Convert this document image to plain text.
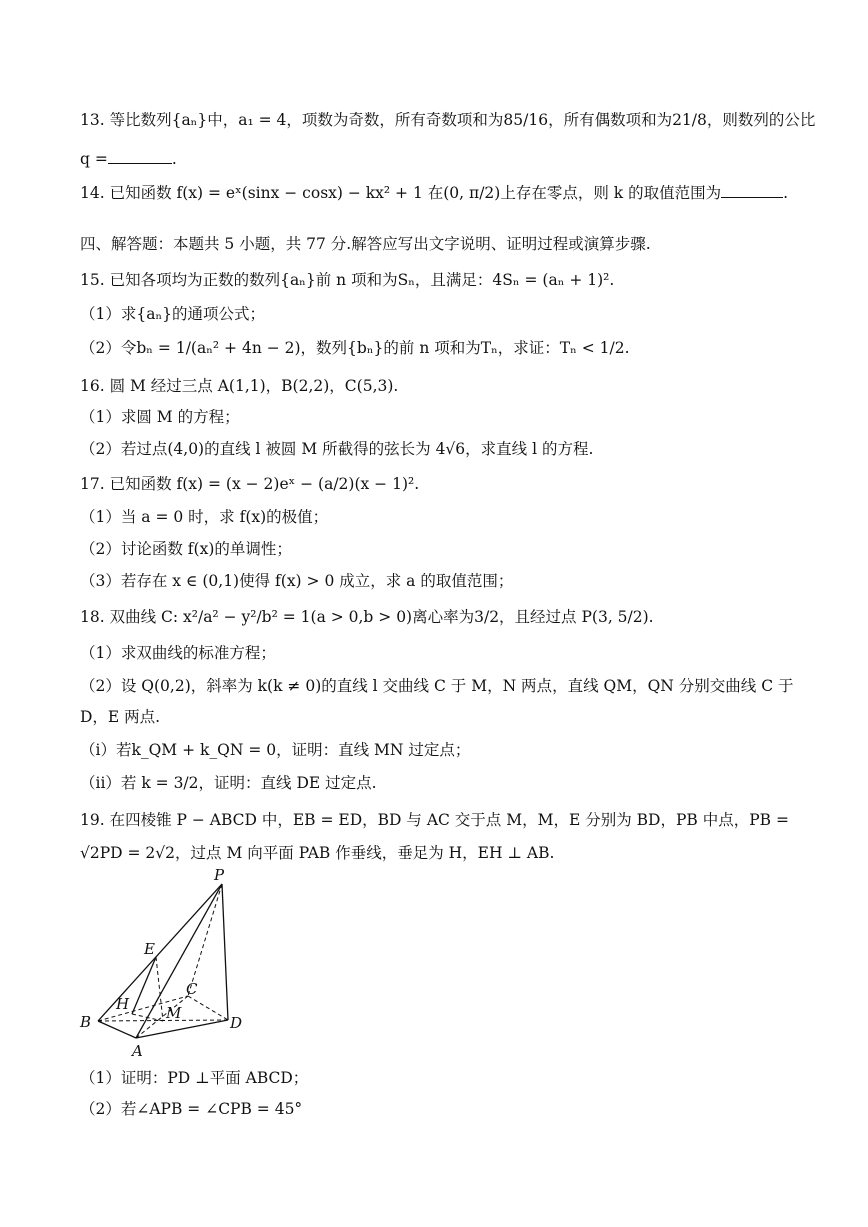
13. 等比数列{aₙ}中，a₁ = 4，项数为奇数，所有奇数项和为85/16，所有偶数项和为21/8，则数列的公比
q =	.
14. 已知函数 f(x) = eˣ(sinx − cosx) − kx² + 1 在(0, π/2)上存在零点，则 k 的取值范围为	.
四、解答题：本题共 5 小题，共 77 分.解答应写出文字说明、证明过程或演算步骤.
15. 已知各项均为正数的数列{aₙ}前 n 项和为Sₙ，且满足：4Sₙ = (aₙ + 1)².
（1）求{aₙ}的通项公式；
（2）令bₙ = 1/(aₙ² + 4n − 2)，数列{bₙ}的前 n 项和为Tₙ，求证：Tₙ < 1/2.
16. 圆 M 经过三点 A(1,1)，B(2,2)，C(5,3).
（1）求圆 M 的方程；
（2）若过点(4,0)的直线 l 被圆 M 所截得的弦长为 4√6，求直线 l 的方程.
17. 已知函数 f(x) = (x − 2)eˣ − (a/2)(x − 1)².
（1）当 a = 0 时，求 f(x)的极值；
（2）讨论函数 f(x)的单调性；
（3）若存在 x ∈ (0,1)使得 f(x) > 0 成立，求 a 的取值范围；
18. 双曲线 C: x²/a² − y²/b² = 1(a > 0,b > 0)离心率为3/2，且经过点 P(3, 5/2).
（1）求双曲线的标准方程；
（2）设 Q(0,2)，斜率为 k(k ≠ 0)的直线 l 交曲线 C 于 M，N 两点，直线 QM，QN 分别交曲线 C 于
D，E 两点.
（i）若k_QM + k_QN = 0，证明：直线 MN 过定点；
（ii）若 k = 3/2，证明：直线 DE 过定点.
19. 在四棱锥 P − ABCD 中，EB = ED，BD 与 AC 交于点 M，M，E 分别为 BD，PB 中点，PB =
√2PD = 2√2，过点 M 向平面 PAB 作垂线，垂足为 H，EH ⊥ AB.
P
E
H
C
M
B	D
A
（1）证明：PD ⊥平面 ABCD；
（2）若∠APB = ∠CPB = 45°
